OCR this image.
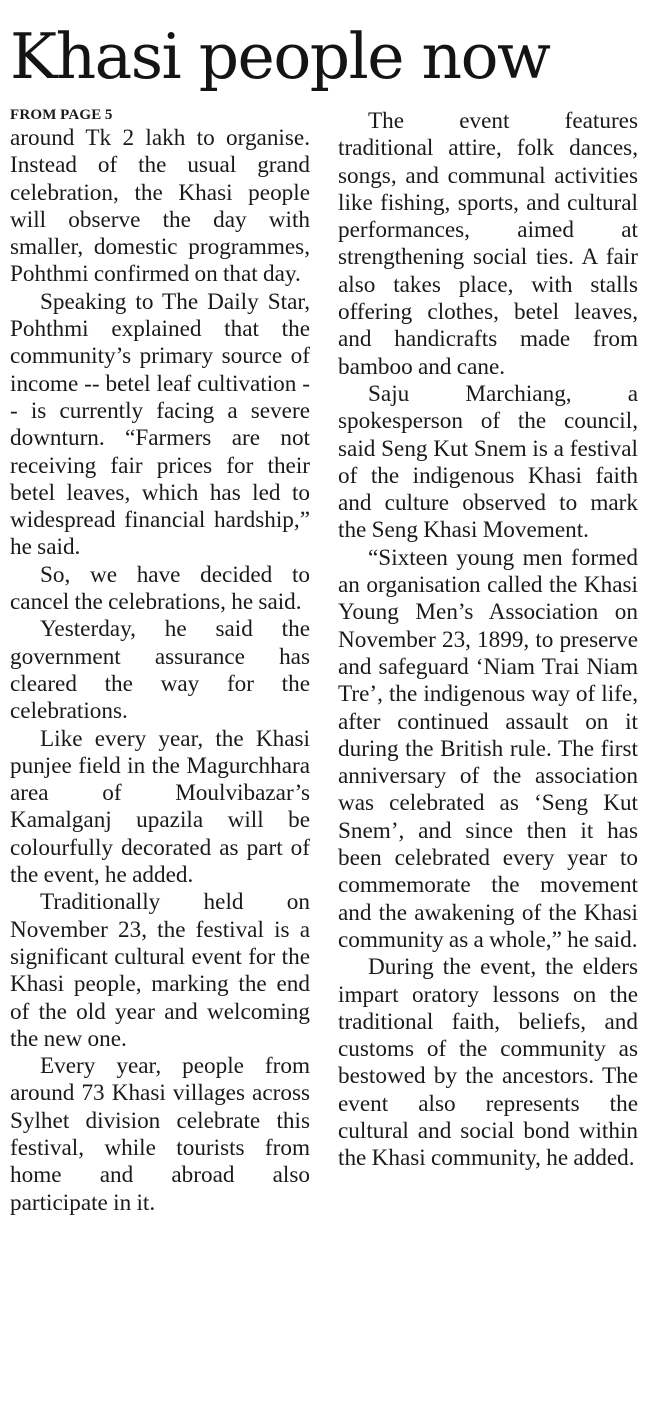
Khasi people now
FROM PAGE 5

around Tk 2 lakh to organise. Instead of the usual grand celebration, the Khasi people will observe the day with smaller, domestic programmes, Pohthmi confirmed on that day.

Speaking to The Daily Star, Pohthmi explained that the community’s primary source of income -- betel leaf cultivation -- is currently facing a severe downturn. “Farmers are not receiving fair prices for their betel leaves, which has led to widespread financial hardship,” he said.

So, we have decided to cancel the celebrations, he said.

Yesterday, he said the government assurance has cleared the way for the celebrations.

Like every year, the Khasi punjee field in the Magurchhara area of Moulvibazar’s Kamalganj upazila will be colourfully decorated as part of the event, he added.

Traditionally held on November 23, the festival is a significant cultural event for the Khasi people, marking the end of the old year and welcoming the new one.

Every year, people from around 73 Khasi villages across Sylhet division celebrate this festival, while tourists from home and abroad also participate in it.

The event features traditional attire, folk dances, songs, and communal activities like fishing, sports, and cultural performances, aimed at strengthening social ties. A fair also takes place, with stalls offering clothes, betel leaves, and handicrafts made from bamboo and cane.

Saju Marchiang, a spokesperson of the council, said Seng Kut Snem is a festival of the indigenous Khasi faith and culture observed to mark the Seng Khasi Movement.

“Sixteen young men formed an organisation called the Khasi Young Men’s Association on November 23, 1899, to preserve and safeguard ‘Niam Trai Niam Tre’, the indigenous way of life, after continued assault on it during the British rule. The first anniversary of the association was celebrated as ‘Seng Kut Snem’, and since then it has been celebrated every year to commemorate the movement and the awakening of the Khasi community as a whole,” he said.

During the event, the elders impart oratory lessons on the traditional faith, beliefs, and customs of the community as bestowed by the ancestors. The event also represents the cultural and social bond within the Khasi community, he added.
